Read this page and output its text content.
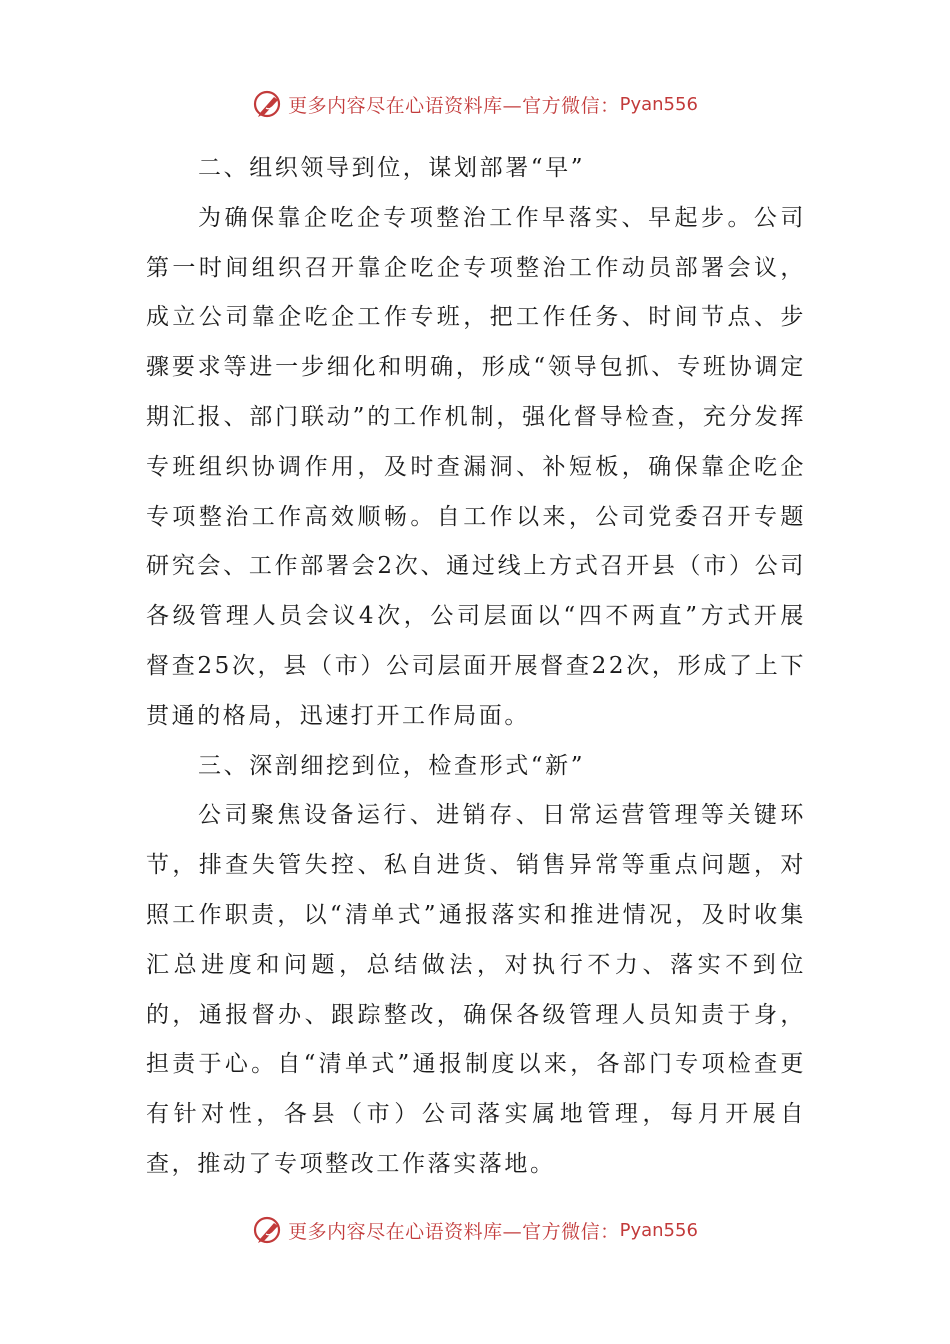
更多内容尽在心语资料库—官方微信： Pyan556

二、组织领导到位，谋划部署“早”

为确保靠企吃企专项整治工作早落实、早起步。公司第一时间组织召开靠企吃企专项整治工作动员部署会议，成立公司靠企吃企工作专班，把工作任务、时间节点、步骤要求等进一步细化和明确，形成“领导包抓、专班协调定期汇报、部门联动”的工作机制，强化督导检查，充分发挥专班组织协调作用，及时查漏洞、补短板，确保靠企吃企专项整治工作高效顺畅。自工作以来，公司党委召开专题研究会、工作部署会2次、通过线上方式召开县（市）公司各级管理人员会议4次，公司层面以“四不两直”方式开展督查25次，县（市）公司层面开展督查22次，形成了上下贯通的格局，迅速打开工作局面。

三、深剖细挖到位，检查形式“新”

公司聚焦设备运行、进销存、日常运营管理等关键环节，排查失管失控、私自进货、销售异常等重点问题，对照工作职责，以“清单式”通报落实和推进情况，及时收集汇总进度和问题，总结做法，对执行不力、落实不到位的，通报督办、跟踪整改，确保各级管理人员知责于身，担责于心。自“清单式”通报制度以来，各部门专项检查更有针对性，各县（市）公司落实属地管理，每月开展自查，推动了专项整改工作落实落地。

更多内容尽在心语资料库—官方微信： Pyan556
